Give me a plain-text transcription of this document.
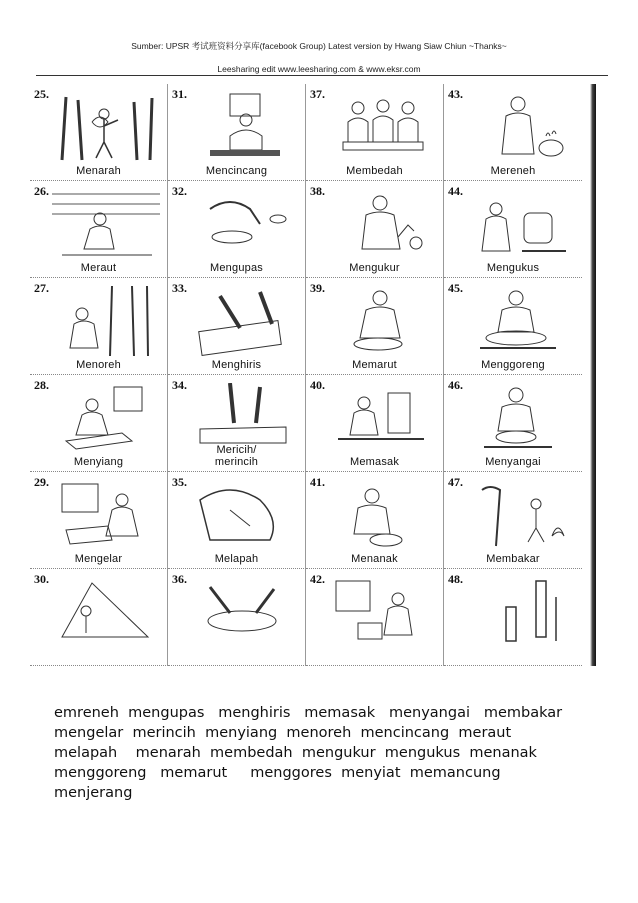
Sumber: UPSR 考试班资料分享库(facebook Group) Latest version by Hwang Siaw Chiun ~Thanks~
Leesharing edit www.leesharing.com & www.eksr.com
25.
Menarah
31.
Mencincang
37.
Membedah
43.
Mereneh
26.
Meraut
32.
Mengupas
38.
Mengukur
44.
Mengukus
27.
Menoreh
33.
Menghiris
39.
Memarut
45.
Menggoreng
28.
Menyiang
34.
Mericih/
merincih
40.
Memasak
46.
Menyangai
29.
Mengelar
35.
Melapah
41.
Menanak
47.
Membakar
30.	36.	42.	48.
emreneh  mengupas   menghiris   memasak   menyangai   membakar
mengelar  merincih  menyiang  menoreh  mencincang  meraut
melapah    menarah  membedah  mengukur  mengukus  menanak
menggoreng   memarut     menggores  menyiat  memancung
menjerang
